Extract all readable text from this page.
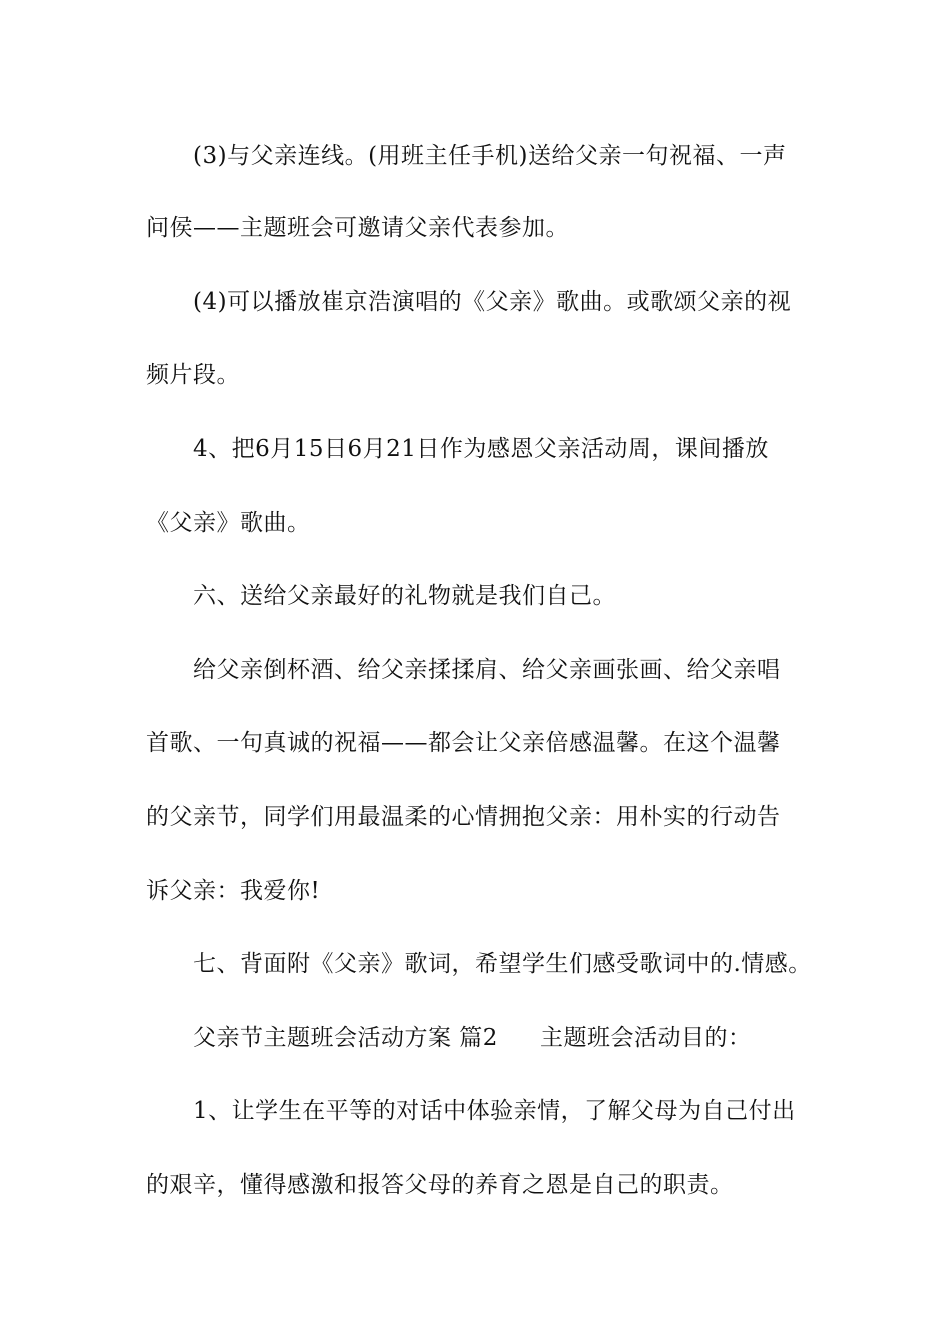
(3)与父亲连线。(用班主任手机)送给父亲一句祝福、一声
问侯——主题班会可邀请父亲代表参加。
(4)可以播放崔京浩演唱的《父亲》歌曲。或歌颂父亲的视
频片段。
4、把6月15日6月21日作为感恩父亲活动周，课间播放
《父亲》歌曲。
六、送给父亲最好的礼物就是我们自己。
给父亲倒杯酒、给父亲揉揉肩、给父亲画张画、给父亲唱
首歌、一句真诚的祝福——都会让父亲倍感温馨。在这个温馨
的父亲节，同学们用最温柔的心情拥抱父亲：用朴实的行动告
诉父亲：我爱你!
七、背面附《父亲》歌词，希望学生们感受歌词中的.情感。
父亲节主题班会活动方案 篇2 主题班会活动目的：
1、让学生在平等的对话中体验亲情，了解父母为自己付出
的艰辛，懂得感激和报答父母的养育之恩是自己的职责。
